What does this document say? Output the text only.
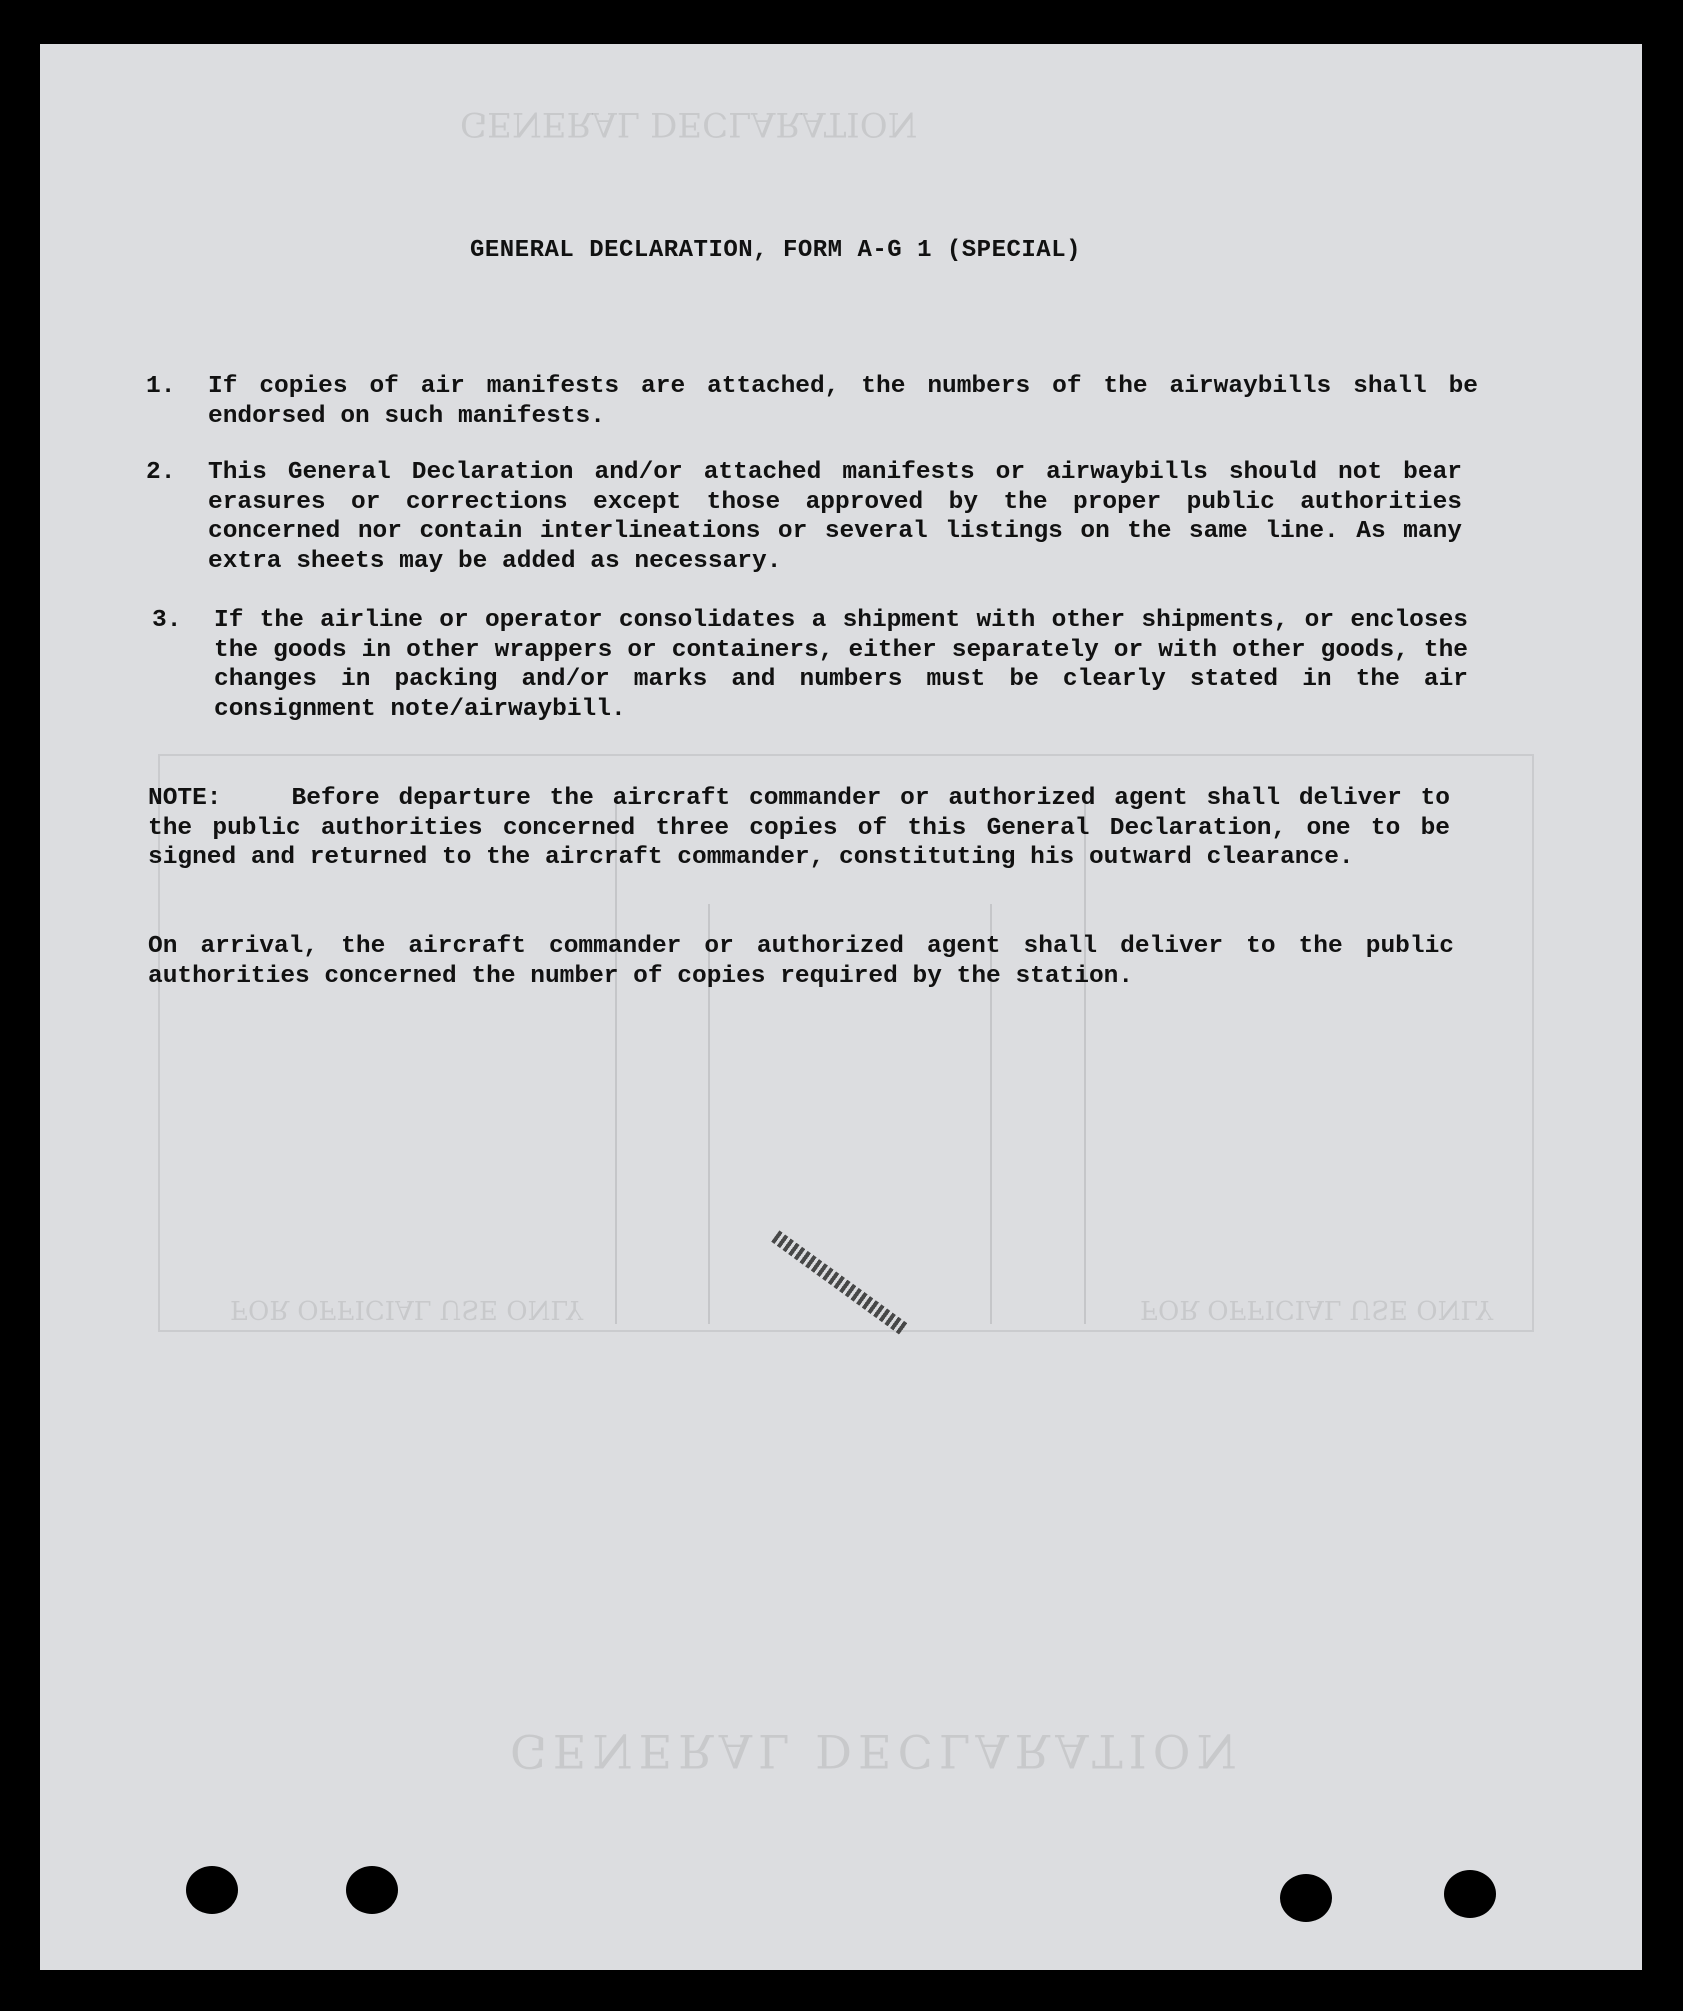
GENERAL DECLARATION
GENERAL DECLARATION
FOR OFFICIAL USE ONLY	FOR OFFICIAL USE ONLY
GENERAL DECLARATION, FORM A-G 1 (SPECIAL)
1.	If copies of air manifests are attached, the numbers of the airwaybills shall be endorsed on such manifests.
2.	This General Declaration and/or attached manifests or airwaybills should not bear erasures or corrections except those approved by the proper public authorities concerned nor contain interlineations or several listings on the same line. As many extra sheets may be added as necessary.
3.	If the airline or operator consolidates a shipment with other shipments, or encloses the goods in other wrappers or containers, either separately or with other goods, the changes in packing and/or marks and numbers must be clearly stated in the air consignment note/airwaybill.
NOTE:	Before departure the aircraft commander or authorized agent shall deliver to the public authorities concerned three copies of this General Declaration, one to be signed and returned to the aircraft commander, constituting his outward clearance.
On arrival, the aircraft commander or authorized agent shall deliver to the public authorities concerned the number of copies required by the station.
